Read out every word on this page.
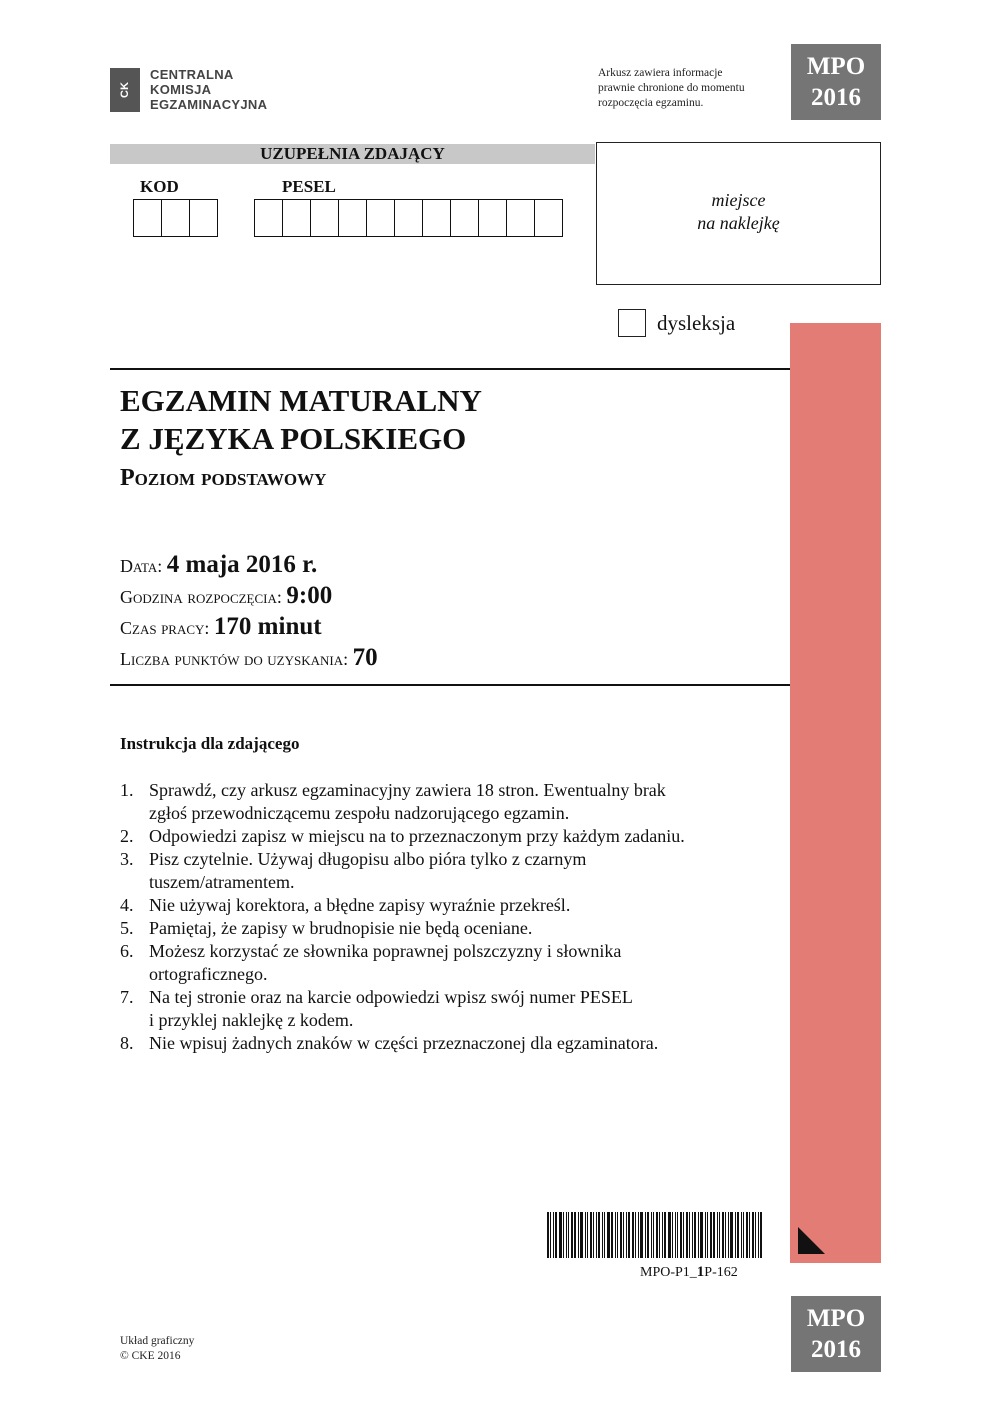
CK
CENTRALNA
KOMISJA
EGZAMINACYJNA
Arkusz zawiera informacje
prawnie chronione do momentu
rozpoczęcia egzaminu.
MPO
2016
UZUPEŁNIA ZDAJĄCY
KOD	PESEL
miejsce
na naklejkę
dysleksja
EGZAMIN MATURALNY
Z JĘZYKA POLSKIEGO
Poziom podstawowy
Data: 4 maja 2016 r.
Godzina rozpoczęcia: 9:00
Czas pracy: 170 minut
Liczba punktów do uzyskania: 70
Instrukcja dla zdającego
1. Sprawdź, czy arkusz egzaminacyjny zawiera 18 stron. Ewentualny brak
zgłoś przewodniczącemu zespołu nadzorującego egzamin.
2. Odpowiedzi zapisz w miejscu na to przeznaczonym przy każdym zadaniu.
3. Pisz czytelnie. Używaj długopisu albo pióra tylko z czarnym
tuszem/atramentem.
4. Nie używaj korektora, a błędne zapisy wyraźnie przekreśl.
5. Pamiętaj, że zapisy w brudnopisie nie będą oceniane.
6. Możesz korzystać ze słownika poprawnej polszczyzny i słownika
ortograficznego.
7. Na tej stronie oraz na karcie odpowiedzi wpisz swój numer PESEL
i przyklej naklejkę z kodem.
8. Nie wpisuj żadnych znaków w części przeznaczonej dla egzaminatora.
MPO-P1_1P-162
MPO
2016
Układ graficzny
© CKE 2016
